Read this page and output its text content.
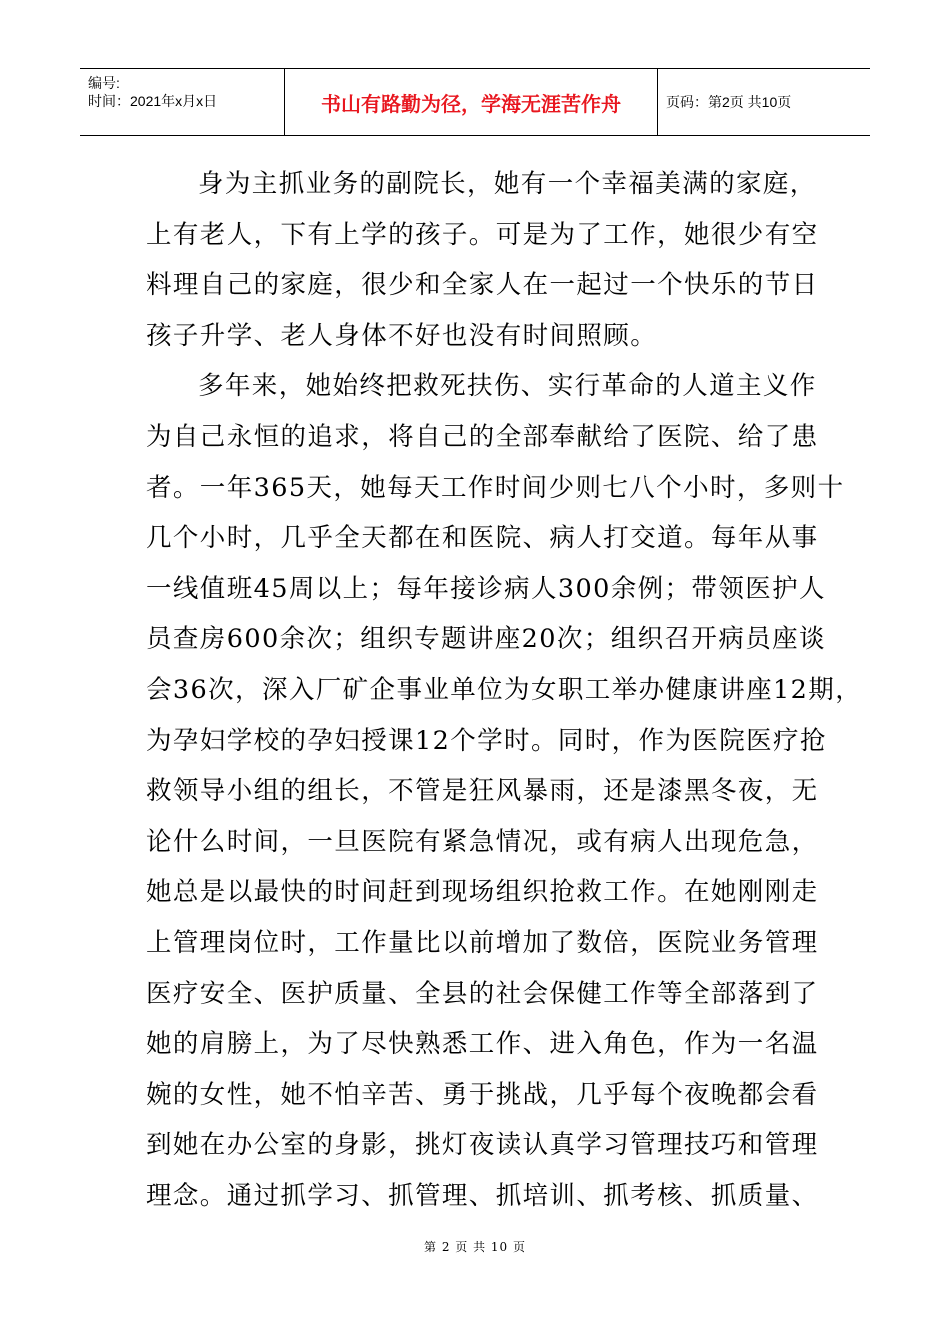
编号:
时间：2021年x月x日	书山有路勤为径，学海无涯苦作舟	页码：第2页 共10页
身为主抓业务的副院长，她有一个幸福美满的家庭，
上有老人，下有上学的孩子。可是为了工作，她很少有空
料理自己的家庭，很少和全家人在一起过一个快乐的节日
孩子升学、老人身体不好也没有时间照顾。
多年来，她始终把救死扶伤、实行革命的人道主义作
为自己永恒的追求，将自己的全部奉献给了医院、给了患
者。一年365天，她每天工作时间少则七八个小时，多则十
几个小时，几乎全天都在和医院、病人打交道。每年从事
一线值班45周以上；每年接诊病人300余例；带领医护人
员查房600余次；组织专题讲座20次；组织召开病员座谈
会36次，深入厂矿企事业单位为女职工举办健康讲座12期，
为孕妇学校的孕妇授课12个学时。同时，作为医院医疗抢
救领导小组的组长，不管是狂风暴雨，还是漆黑冬夜，无
论什么时间，一旦医院有紧急情况，或有病人出现危急，
她总是以最快的时间赶到现场组织抢救工作。在她刚刚走
上管理岗位时，工作量比以前增加了数倍，医院业务管理
医疗安全、医护质量、全县的社会保健工作等全部落到了
她的肩膀上，为了尽快熟悉工作、进入角色，作为一名温
婉的女性，她不怕辛苦、勇于挑战，几乎每个夜晚都会看
到她在办公室的身影，挑灯夜读认真学习管理技巧和管理
理念。通过抓学习、抓管理、抓培训、抓考核、抓质量、
第 2 页 共 10 页
